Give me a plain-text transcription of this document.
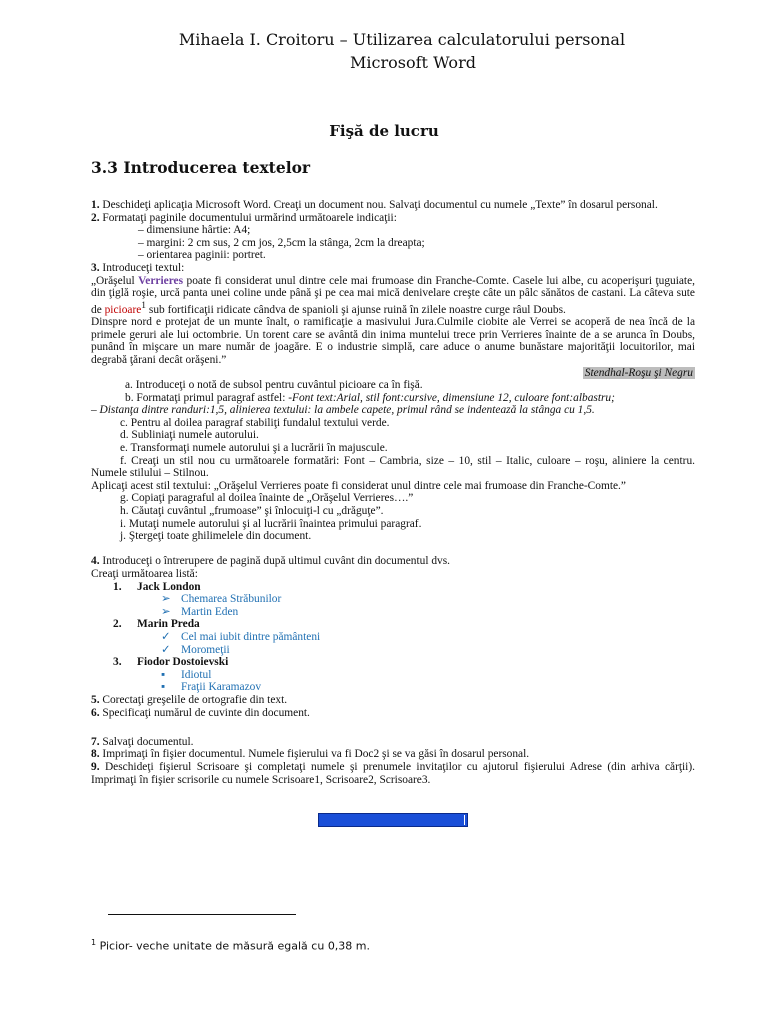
Mihaela I. Croitoru – Utilizarea calculatorului personal
Microsoft Word
Fişă de lucru
3.3 Introducerea textelor

1. Deschideţi aplicaţia Microsoft Word. Creaţi un document nou. Salvaţi documentul cu numele „Texte” în dosarul personal.

2. Formataţi paginile documentului urmărind următoarele indicaţii:

– dimensiune hârtie: A4;

– margini: 2 cm sus, 2 cm jos, 2,5cm la stânga, 2cm la dreapta;

– orientarea paginii: portret.

3. Introduceţi textul:

„Orăşelul Verrieres poate fi considerat unul dintre cele mai frumoase din Franche-Comte. Casele lui albe, cu acoperişuri ţuguiate, din ţiglă roşie, urcă panta unei coline unde până şi pe cea mai mică denivelare creşte câte un pâlc sănătos de castani. La câteva sute de picioare$^1$ sub fortificaţii ridicate cândva de spanioli şi ajunse ruină în zilele noastre curge râul Doubs.

Dinspre nord e protejat de un munte înalt, o ramificaţie a masivului Jura.Culmile ciobite ale Verrei se acoperă de nea încă de la primele geruri ale lui octombrie. Un torent care se avântă din inima muntelui trece prin Verrieres înainte de a se arunca în Doubs, punând în mişcare un mare număr de joagăre. E o industrie simplă, care aduce o anume bunăstare majorităţii locuitorilor, mai degrabă ţărani decât orăşeni.”

Stendhal-Roşu şi Negru

a. Introduceţi o notă de subsol pentru cuvântul picioare ca în fişă.

b. Formataţi primul paragraf astfel: -Font text:Arial, stil font:cursive, dimensiune 12, culoare font:albastru;

– Distanţa dintre randuri:1,5, alinierea textului: la ambele capete, primul rând se indentează la stânga cu 1,5.

c. Pentru al doilea paragraf stabiliţi fundalul textului verde.

d. Subliniaţi numele autorului.

e. Transformaţi numele autorului şi a lucrării în majuscule.

f. Creaţi un stil nou cu următoarele formatări: Font – Cambria, size – 10, stil – Italic, culoare – roşu, aliniere la centru. Numele stilului – Stilnou.

Aplicaţi acest stil textului: „Orăşelul Verrieres poate fi considerat unul dintre cele mai frumoase din Franche-Comte.”

g. Copiaţi paragraful al doilea înainte de „Orăşelul Verrieres….”

h. Căutaţi cuvântul „frumoase” şi înlocuiţi-l cu „drăguţe”.

i. Mutaţi numele autorului şi al lucrării înaintea primului paragraf.

j. Ştergeţi toate ghilimelele din document.

4. Introduceţi o întrerupere de pagină după ultimul cuvânt din documentul dvs.

Creaţi următoarea listă:

1. Jack London
➢ Chemarea Străbunilor
➢ Martin Eden
2. Marin Preda
✓ Cel mai iubit dintre pământeni
✓ Moromeţii
3. Fiodor Dostoievski
▪ Idiotul
▪ Fraţii Karamazov

5. Corectaţi greşelile de ortografie din text.

6. Specificaţi numărul de cuvinte din document.

7. Salvaţi documentul.

8. Imprimaţi în fişier documentul. Numele fişierului va fi Doc2 şi se va găsi în dosarul personal.

9. Deschideţi fişierul Scrisoare şi completaţi numele şi prenumele invitaţilor cu ajutorul fişierului Adrese (din arhiva cărţii). Imprimaţi în fişier scrisorile cu numele Scrisoare1, Scrisoare2, Scrisoare3.

$^1$ Picior- veche unitate de măsură egală cu 0,38 m.
